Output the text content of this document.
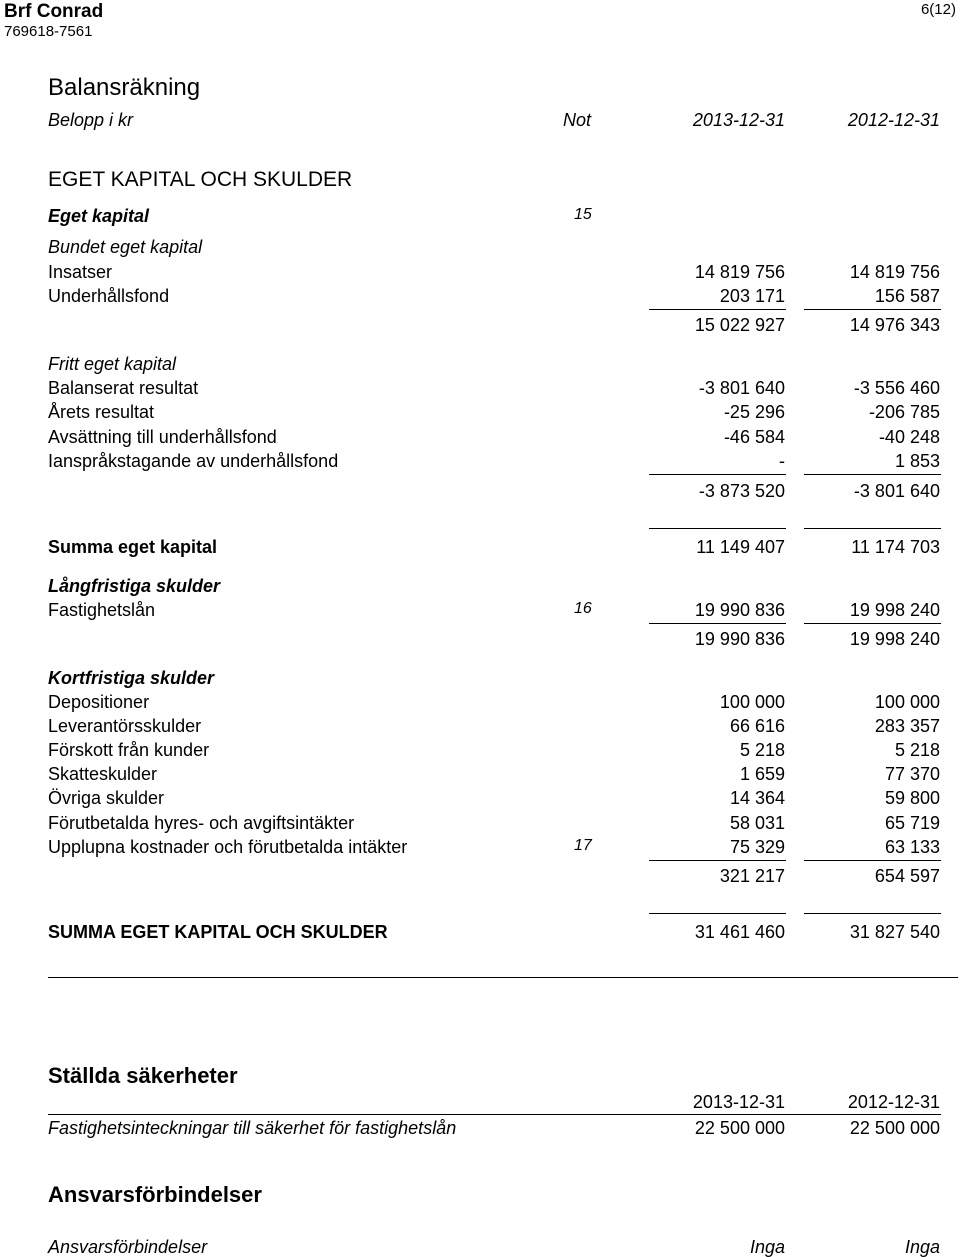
Brf Conrad
769618-7561
6(12)
Balansräkning
Belopp i kr	Not	2013-12-31	2012-12-31
EGET KAPITAL OCH SKULDER
Eget kapital	15
Bundet eget kapital
Insatser	14 819 756	14 819 756
Underhållsfond	203 171	156 587
15 022 927	14 976 343
Fritt eget kapital
Balanserat resultat	-3 801 640	-3 556 460
Årets resultat	-25 296	-206 785
Avsättning till underhållsfond	-46 584	-40 248
Ianspråkstagande av underhållsfond	-	1 853
-3 873 520	-3 801 640
Summa eget kapital	11 149 407	11 174 703
Långfristiga skulder
Fastighetslån	16	19 990 836	19 998 240
19 990 836	19 998 240
Kortfristiga skulder
Depositioner	100 000	100 000
Leverantörsskulder	66 616	283 357
Förskott från kunder	5 218	5 218
Skatteskulder	1 659	77 370
Övriga skulder	14 364	59 800
Förutbetalda hyres- och avgiftsintäkter	58 031	65 719
Upplupna kostnader och förutbetalda intäkter	17	75 329	63 133
321 217	654 597
SUMMA EGET KAPITAL OCH SKULDER	31 461 460	31 827 540
Ställda säkerheter
2013-12-31	2012-12-31
Fastighetsinteckningar till säkerhet för fastighetslån	22 500 000	22 500 000
Ansvarsförbindelser
Ansvarsförbindelser	Inga	Inga
